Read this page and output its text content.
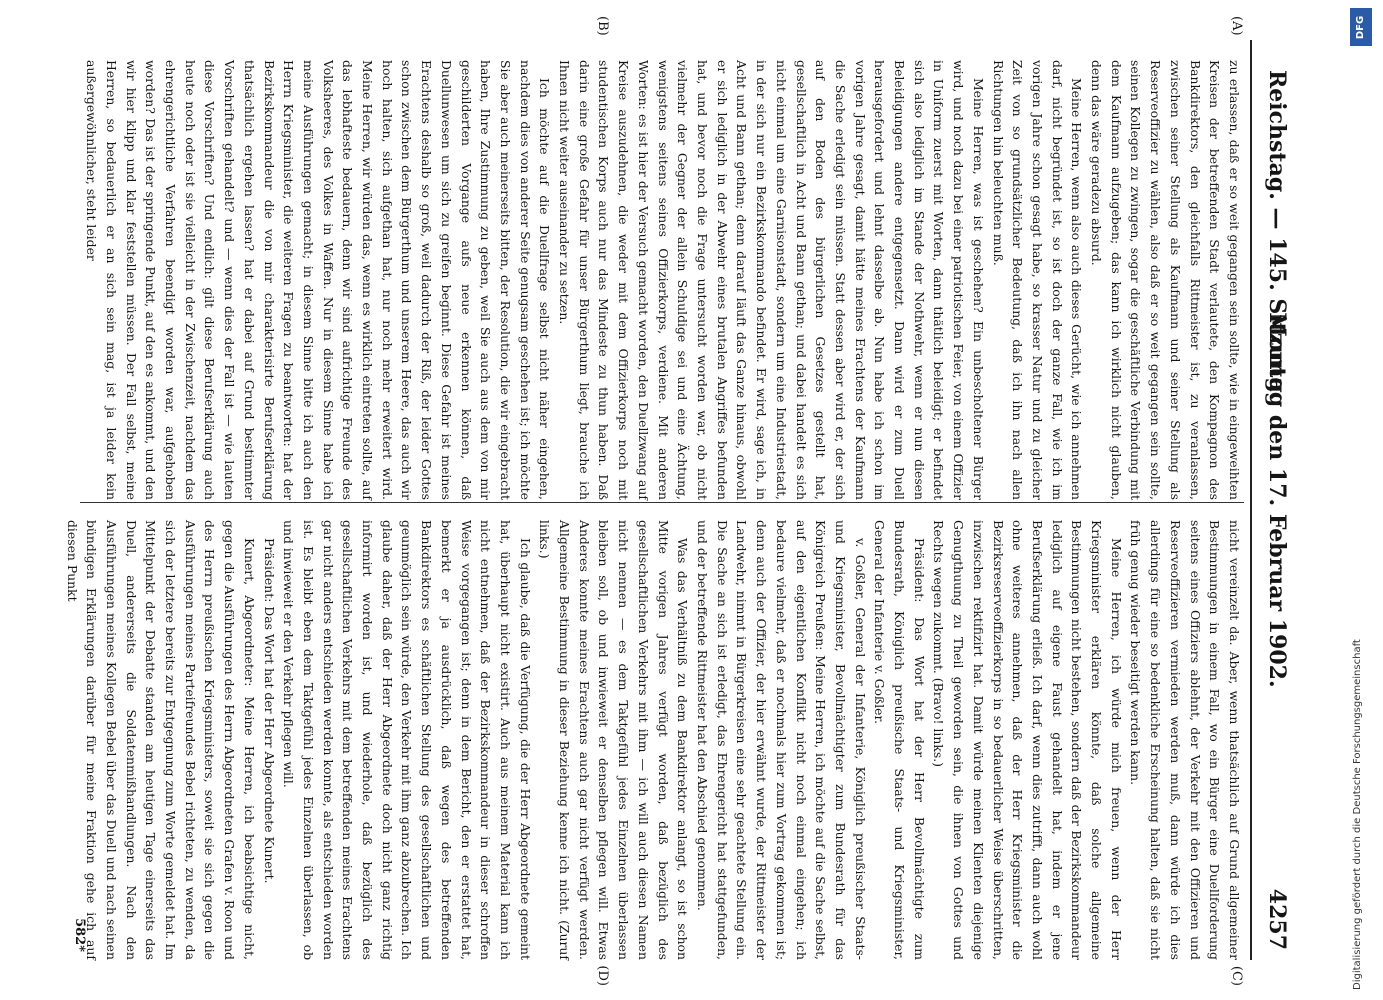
Reichstag. — 145. Sitzung.
Montag den 17. Februar 1902.
4257
(A)
(B)
(C)
(D)

zu erlassen, daß er so weit gegangen sein sollte, wie in eingeweihten Kreisen der betreffenden Stadt verlautete, den Kompagnon des Bankdirektors, den gleichfalls Rittmeister ist, zu veranlassen, zwischen seiner Stellung als Kaufmann und seiner Stellung als Reserveoffizier zu wählen, also daß er so weit gegangen sein sollte, seinen Kollegen zu zwingen, sogar die geschäftliche Verbindung mit dem Kaufmann aufzugeben; das kann ich wirklich nicht glauben, denn das wäre geradezu absurd.

Meine Herren, wenn also auch dieses Gerücht, wie ich annehmen darf, nicht begründet ist, so ist doch der ganze Fall, wie ich im vorigen Jahre schon gesagt habe, so krasser Natur und zu gleicher Zeit von so grundsätzlicher Bedeutung, daß ich ihn nach allen Richtungen hin beleuchten muß.

Meine Herren, was ist geschehen? Ein unbescholtener Bürger wird, und noch dazu bei einer patriotischen Feier, von einem Offizier in Uniform zuerst mit Worten, dann thätlich beleidigt; er befindet sich also lediglich im Stande der Nothwehr, wenn er nun diesen Beleidigungen andere entgegensetzt. Dann wird er zum Duell herausgefordert und lehnt dasselbe ab. Nun habe ich schon im vorigen Jahre gesagt, damit hätte meines Erachtens der Kaufmann die Sache erledigt sein müssen. Statt dessen aber wird er, der sich auf den Boden des bürgerlichen Gesetzes gestellt hat, gesellschaftlich in Acht und Bann gethan; und dabei handelt es sich nicht einmal um eine Garnisonstadt, sondern um eine Industriestadt, in der sich nur ein Bezirkskommando befindet. Er wird, sage ich, in Acht und Bann gethan; denn darauf läuft das Ganze hinaus, obwohl er sich lediglich in der Abwehr eines brutalen Angriffes befunden hat, und bevor noch die Frage untersucht worden war, ob nicht vielmehr der Gegner der allein Schuldige sei und eine Ächtung, wenigstens seitens seines Offizierkorps, verdiene. Mit anderen Worten: es ist hier der Versuch gemacht worden, den Duellzwang auf Kreise auszudehnen, die weder mit dem Offizierkorps noch mit studentischen Korps auch nur das Mindeste zu thun haben. Daß darin eine große Gefahr für unser Bürgerthum liegt, brauche ich Ihnen nicht weiter auseinander zu setzen.

Ich möchte auf die Duellfrage selbst nicht näher eingehen, nachdem dies von anderer Seite genugsam geschehen ist; ich möchte Sie aber auch meinerseits bitten, der Resolution, die wir eingebracht haben, Ihre Zustimmung zu geben, weil Sie auch aus dem von mir geschilderten Vorgange aufs neue erkennen können, daß Duellunwesen um sich zu greifen beginnt. Diese Gefahr ist meines Erachtens deshalb so groß, weil dadurch der Riß, der leider Gottes schon zwischen dem Bürgerthum und unserem Heere, das auch wir hoch halten, sich aufgethan hat, nur noch mehr erweitert wird. Meine Herren, wir würden das, wenn es wirklich eintreten sollte, auf das lebhafteste bedauern, denn wir sind aufrichtige Freunde des Volksheeres, des Volkes in Waffen. Nur in diesem Sinne habe ich meine Ausführungen gemacht; in diesem Sinne bitte ich auch den Herrn Kriegsminister, die weiteren Fragen zu beantworten: hat der Bezirkskommandeur die von mir charakterisirte Berufserklärung thatsächlich ergehen lassen? hat er dabei auf Grund bestimmter Vorschriften gehandelt? und — wenn dies der Fall ist — wie lauten diese Vorschriften? Und endlich: gilt diese Berufserklärung auch heute noch oder ist sie vielleicht in der Zwischenzeit, nachdem das ehrengerichtliche Verfahren beendigt worden war, aufgehoben worden? Das ist der springende Punkt, auf den es ankommt, und den wir hier klipp und klar feststellen müssen. Der Fall selbst, meine Herren, so bedauerlich er an sich sein mag, ist ja leider kein außergewöhnlicher, steht leider

nicht vereinzelt da. Aber, wenn thatsächlich auf Grund allgemeiner Bestimmungen in einem Fall, wo ein Bürger eine Duellforderung seitens eines Offiziers ablehnt, der Verkehr mit den Offizieren und Reserveoffizieren vermieden werden muß, dann würde ich dies allerdings für eine so bedenkliche Erscheinung halten, daß sie nicht früh genug wieder beseitigt werden kann.

Meine Herren, ich würde mich freuen, wenn der Herr Kriegsminister erklären könnte, daß solche allgemeine Bestimmungen nicht bestehen, sondern daß der Bezirkskommandeur lediglich auf eigene Faust gehandelt hat, indem er jene Berufserklärung erließ. Ich darf, wenn dies zutrifft, dann auch wohl ohne weiteres annehmen, daß der Herr Kriegsminister die Bezirksreserveoffizierkorps in so bedauerlicher Weise überschritten, inzwischen rektifizirt hat. Damit würde meinen Klienten diejenige Genugthuung zu Theil geworden sein, die ihnen von Gottes und Rechts wegen zukommt. (Bravo! links.)

Präsident: Das Wort hat der Herr Bevollmächtigte zum Bundesrath, Königlich preußische Staats- und Kriegsminister, General der Infanterie v. Goßler.

v. Goßler, General der Infanterie, Königlich preußischer Staats- und Kriegsminister, Bevollmächtigter zum Bundesrath für das Königreich Preußen: Meine Herren, ich möchte auf die Sache selbst, auf den eigentlichen Konflikt nicht noch einmal eingehen; ich bedaure vielmehr, daß er nochmals hier zum Vortrag gekommen ist; denn auch der Offizier, der hier erwähnt wurde, der Rittmeister der Landwehr, nimmt in Bürgerkreisen eine sehr geachtete Stellung ein. Die Sache an sich ist erledigt, das Ehrengericht hat stattgefunden, und der betreffende Rittmeister hat den Abschied genommen.

Was das Verhältniß zu dem Bankdirektor anlangt, so ist schon Mitte vorigen Jahres verfügt worden, daß bezüglich des gesellschaftlichen Verkehrs mit ihm — ich will auch diesen Namen nicht nennen — es dem Taktgefühl jedes Einzelnen überlassen bleiben soll, ob und inwieweit er denselben pflegen will. Etwas Anderes konnte meines Erachtens auch gar nicht verfügt werden. Allgemeine Bestimmung in dieser Beziehung kenne ich nicht. (Zuruf links.)

Ich glaube, daß die Verfügung, die der Herr Abgeordnete gemeint hat, überhaupt nicht existirt. Auch aus meinem Material kann ich nicht entnehmen, daß der Bezirkskommandeur in dieser schroffen Weise vorgegangen ist; denn in dem Bericht, den er erstattet hat, bemerkt er ja ausdrücklich, daß wegen des betreffenden Bankdirektors es schäftlichen Stellung des gesellschaftlichen und geunmöglich sein würde, den Verkehr mit ihm ganz abzubrechen. Ich glaube daher, daß der Herr Abgeordnete doch nicht ganz richtig informirt worden ist, und wiederhole, daß bezüglich des gesellschaftlichen Verkehrs mit dem betreffenden meines Erachtens gar nicht anders entschieden werden konnte, als entschieden worden ist. Es bleibt eben dem Taktgefühl jedes Einzelnen überlassen, ob und inwieweit er den Verkehr pflegen will.

Präsident: Das Wort hat der Herr Abgeordnete Kunert.

Kunert, Abgeordneter: Meine Herren, ich beabsichtige nicht, gegen die Ausführungen des Herrn Abgeordneten Grafen v. Roon und des Herrn preußischen Kriegsministers, soweit sie sich gegen die Ausführungen meines Parteifreundes Bebel richteten, zu wenden, da sich der letztere bereits zur Entgegnung zum Worte gemeldet hat. Im Mittelpunkt der Debatte standen am heutigen Tage einerseits das Duell, andererseits die Soldatenmißhandlungen. Nach den Ausführungen meines Kollegen Bebel über das Duell und nach seinen bündigen Erklärungen darüber für meine Fraktion gehe ich auf diesen Punkt

582*
DFG
Digitalisierung gefördert durch die Deutsche Forschungsgemeinschaft
